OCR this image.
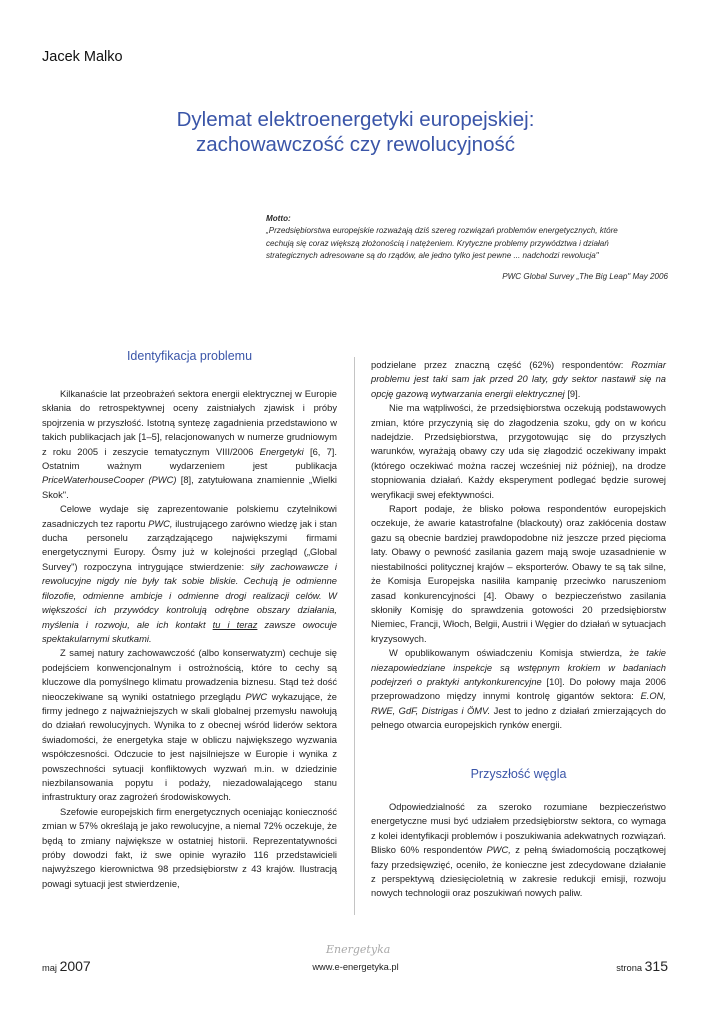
Jacek Malko
Dylemat elektroenergetyki europejskiej:
zachowawczość czy rewolucyjność
Motto:
„Przedsiębiorstwa europejskie rozważają dziś szereg rozwiązań problemów energetycznych, które
cechują się coraz większą złożonością i natężeniem. Krytyczne problemy przywództwa i działań
strategicznych adresowane są do rządów, ale jedno tylko jest pewne ... nadchodzi rewolucja"
PWC Global Survey „The Big Leap" May 2006
Identyfikacja problemu

Kilkanaście lat przeobrażeń sektora energii elektrycznej w Europie skłania do retrospektywnej oceny zaistniałych zjawisk i próby spojrzenia w przyszłość. Istotną syntezę zagadnienia przedstawiono w takich publikacjach jak [1–5], relacjonowanych w numerze grudniowym z roku 2005 i zeszycie tematycznym VIII/2006 Energetyki [6, 7]. Ostatnim ważnym wydarzeniem jest publikacja PriceWaterhouseCooper (PWC) [8], zatytułowana znamiennie „Wielki Skok".

Celowe wydaje się zaprezentowanie polskiemu czytelnikowi zasadniczych tez raportu PWC, ilustrującego zarówno wiedzę jak i stan ducha personelu zarządzającego największymi firmami energetycznymi Europy. Ósmy już w kolejności przegląd („Global Survey") rozpoczyna intrygujące stwierdzenie: siły zachowawcze i rewolucyjne nigdy nie były tak sobie bliskie. Cechują je odmienne filozofie, odmienne ambicje i odmienne drogi realizacji celów. W większości ich przywódcy kontrolują odrębne obszary działania, myślenia i rozwoju, ale ich kontakt tu i teraz zawsze owocuje spektakularnymi skutkami.

Z samej natury zachowawczość (albo konserwatyzm) cechuje się podejściem konwencjonalnym i ostrożnością, które to cechy są kluczowe dla pomyślnego klimatu prowadzenia biznesu. Stąd też dość nieoczekiwane są wyniki ostatniego przeglądu PWC wykazujące, że firmy jednego z najważniejszych w skali globalnej przemysłu nawołują do działań rewolucyjnych. Wynika to z obecnej wśród liderów sektora świadomości, że energetyka staje w obliczu największego wyzwania współczesności. Odczucie to jest najsilniejsze w Europie i wynika z powszechności sytuacji konfliktowych wyzwań m.in. w dziedzinie niezbilansowania popytu i podaży, niezadowalającego stanu infrastruktury oraz zagrożeń środowiskowych.

Szefowie europejskich firm energetycznych oceniając konieczność zmian w 57% określają je jako rewolucyjne, a niemal 72% oczekuje, że będą to zmiany największe w ostatniej historii. Reprezentatywności próby dowodzi fakt, iż swe opinie wyraziło 116 przedstawicieli najwyższego kierownictwa 98 przedsiębiorstw z 43 krajów. Ilustracją powagi sytuacji jest stwierdzenie,

podzielane przez znaczną część (62%) respondentów: Rozmiar problemu jest taki sam jak przed 20 laty, gdy sektor nastawił się na opcję gazową wytwarzania energii elektrycznej [9].

Nie ma wątpliwości, że przedsiębiorstwa oczekują podstawowych zmian, które przyczynią się do złagodzenia szoku, gdy on w końcu nadejdzie. Przedsiębiorstwa, przygotowując się do przyszłych warunków, wyrażają obawy czy uda się złagodzić oczekiwany impakt (którego oczekiwać można raczej wcześniej niż później), na drodze stopniowania działań. Każdy eksperyment podlegać będzie surowej weryfikacji swej efektywności.

Raport podaje, że blisko połowa respondentów europejskich oczekuje, że awarie katastrofalne (blackouty) oraz zakłócenia dostaw gazu są obecnie bardziej prawdopodobne niż jeszcze przed pięcioma laty. Obawy o pewność zasilania gazem mają swoje uzasadnienie w niestabilności politycznej krajów – eksporterów. Obawy te są tak silne, że Komisja Europejska nasiliła kampanię przeciwko naruszeniom zasad konkurencyjności [4]. Obawy o bezpieczeństwo zasilania skłoniły Komisję do sprawdzenia gotowości 20 przedsiębiorstw Niemiec, Francji, Włoch, Belgii, Austrii i Węgier do działań w sytuacjach kryzysowych.

W opublikowanym oświadczeniu Komisja stwierdza, że takie niezapowiedziane inspekcje są wstępnym krokiem w badaniach podejrzeń o praktyki antykonkurencyjne [10]. Do połowy maja 2006 przeprowadzono między innymi kontrolę gigantów sektora: E.ON, RWE, GdF, Distrigas i ÖMV. Jest to jedno z działań zmierzających do pełnego otwarcia europejskich rynków energii.

Przyszłość węgla

Odpowiedzialność za szeroko rozumiane bezpieczeństwo energetyczne musi być udziałem przedsiębiorstw sektora, co wymaga z kolei identyfikacji problemów i poszukiwania adekwatnych rozwiązań. Blisko 60% respondentów PWC, z pełną świadomością początkowej fazy przedsięwzięć, oceniło, że konieczne jest zdecydowane działanie z perspektywą dziesięcioletnią w zakresie redukcji emisji, rozwoju nowych technologii oraz poszukiwań nowych paliw.

Energetyka
maj 2007	www.e-energetyka.pl	strona 315
